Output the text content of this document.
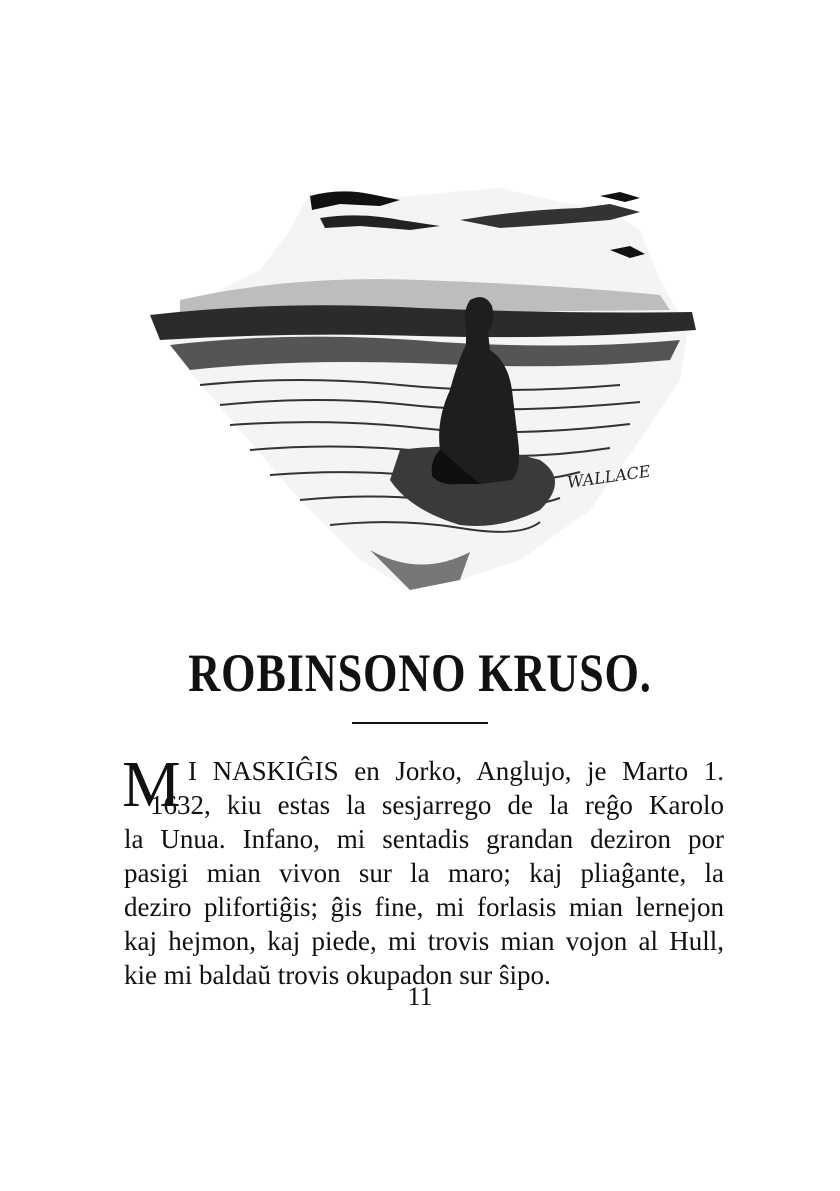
WALLACE
ROBINSONO KRUSO.
M I NASKIĜIS en Jorko, Anglujo, je Marto 1.
1632, kiu estas la sesjarrego de la reĝo Karolo
la Unua. Infano, mi sentadis grandan deziron por
pasigi mian vivon sur la maro; kaj pliaĝante, la
deziro plifortiĝis; ĝis fine, mi forlasis mian lernejon
kaj hejmon, kaj piede, mi trovis mian vojon al Hull,
kie mi baldaŭ trovis okupadon sur ŝipo.
11
